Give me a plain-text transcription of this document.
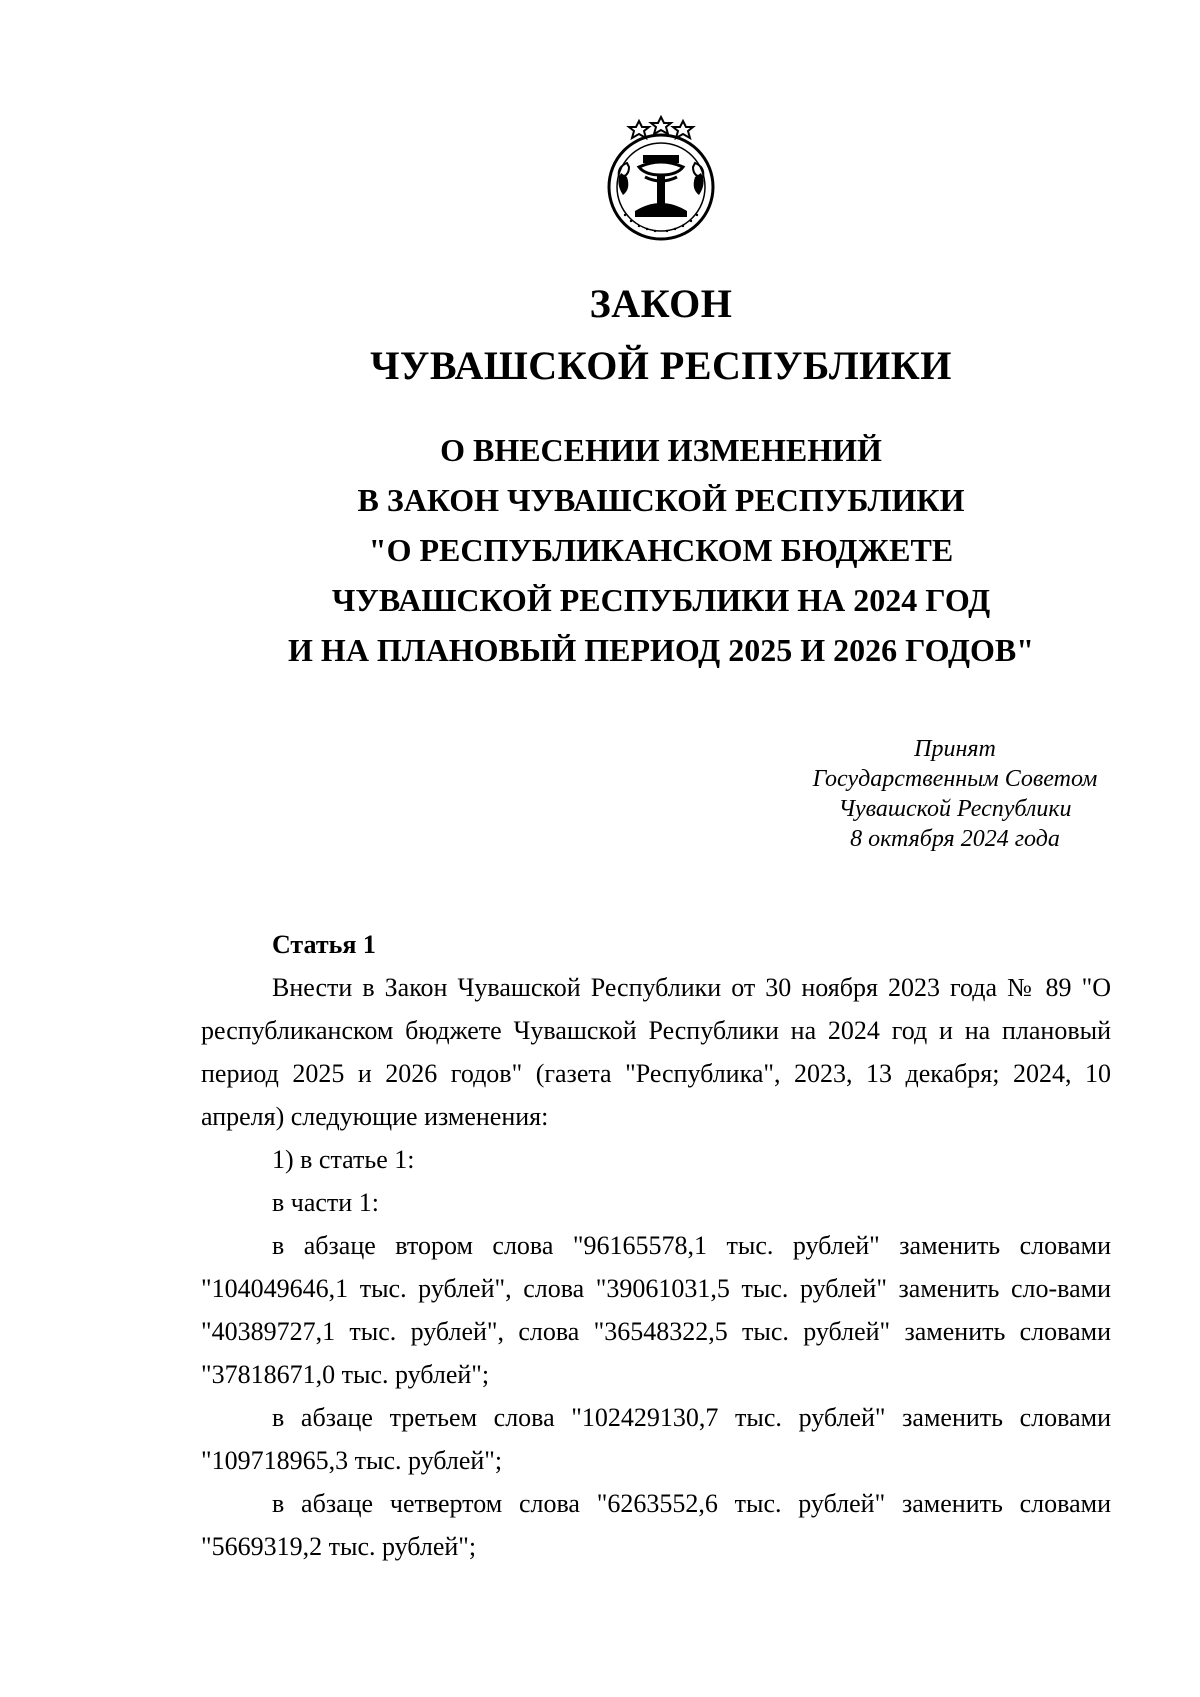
ЗАКОН

ЧУВАШСКОЙ РЕСПУБЛИКИ

О ВНЕСЕНИИ ИЗМЕНЕНИЙ

В ЗАКОН ЧУВАШСКОЙ РЕСПУБЛИКИ

"О РЕСПУБЛИКАНСКОМ БЮДЖЕТЕ

ЧУВАШСКОЙ РЕСПУБЛИКИ НА 2024 ГОД

И НА ПЛАНОВЫЙ ПЕРИОД 2025 И 2026 ГОДОВ"

Принят
Государственным Советом
Чувашской Республики
8 октября 2024 года

Статья 1

Внести в Закон Чувашской Республики от 30 ноября 2023 года № 89 "О республиканском бюджете Чувашской Республики на 2024 год и на плановый период 2025 и 2026 годов" (газета "Республика", 2023, 13 декабря; 2024, 10 апреля) следующие изменения:

1) в статье 1:

в части 1:

в абзаце втором слова "96165578,1 тыс. рублей" заменить словами "104049646,1 тыс. рублей", слова "39061031,5 тыс. рублей" заменить сло-вами "40389727,1 тыс. рублей", слова "36548322,5 тыс. рублей" заменить словами "37818671,0 тыс. рублей";

в абзаце третьем слова "102429130,7 тыс. рублей" заменить словами "109718965,3 тыс. рублей";

в абзаце четвертом слова "6263552,6 тыс. рублей" заменить словами "5669319,2 тыс. рублей";
